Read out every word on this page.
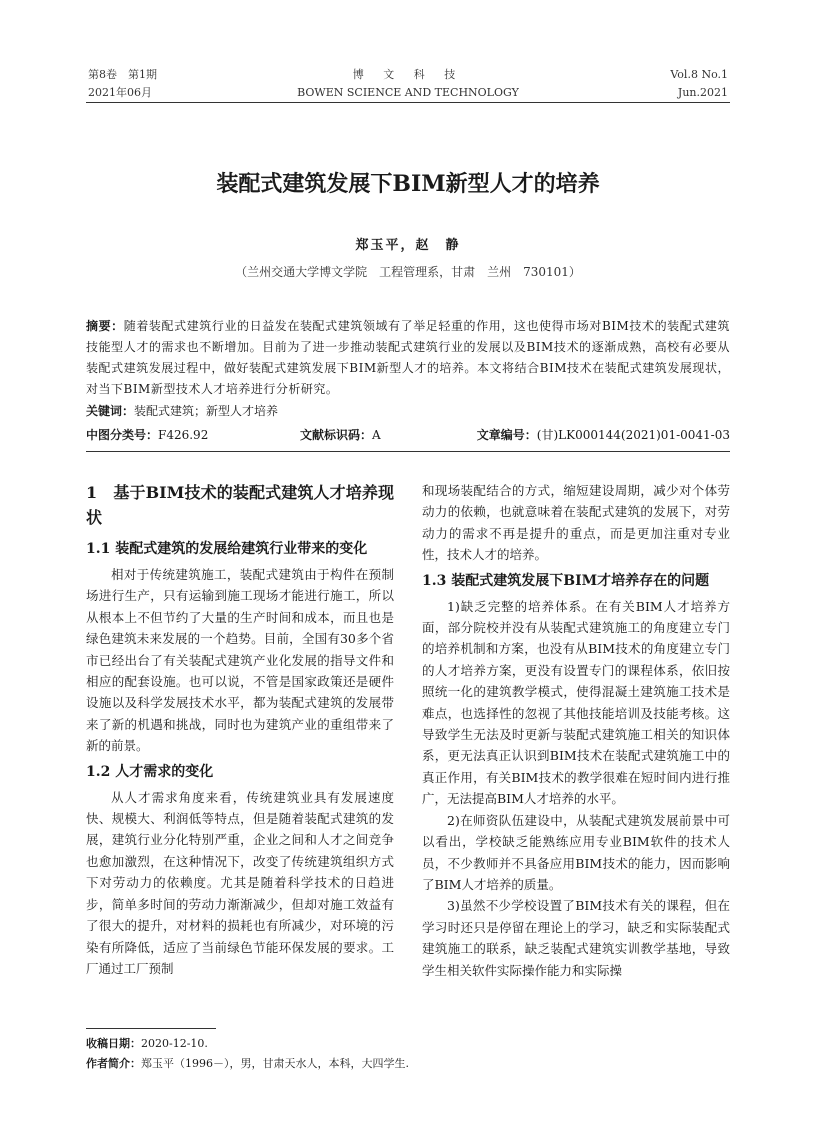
第8卷　第1期
2021年06月
博 文 科 技
BOWEN SCIENCE AND TECHNOLOGY
Vol.8 No.1
Jun.2021
装配式建筑发展下BIM新型人才的培养
郑玉平，赵　静
（兰州交通大学博文学院　工程管理系，甘肃　兰州　730101）
摘要：随着装配式建筑行业的日益发在装配式建筑领域有了举足轻重的作用，这也使得市场对BIM技术的装配式建筑技能型人才的需求也不断增加。目前为了进一步推动装配式建筑行业的发展以及BIM技术的逐渐成熟，高校有必要从装配式建筑发展过程中，做好装配式建筑发展下BIM新型人才的培养。本文将结合BIM技术在装配式建筑发展现状，对当下BIM新型技术人才培养进行分析研究。
关键词：装配式建筑；新型人才培养
中图分类号：F426.92	文献标识码：A	文章编号：(甘)LK000144(2021)01-0041-03
1　基于BIM技术的装配式建筑人才培养现状
1.1 装配式建筑的发展给建筑行业带来的变化

相对于传统建筑施工，装配式建筑由于构件在预制场进行生产，只有运输到施工现场才能进行施工，所以从根本上不但节约了大量的生产时间和成本，而且也是绿色建筑未来发展的一个趋势。目前，全国有30多个省市已经出台了有关装配式建筑产业化发展的指导文件和相应的配套设施。也可以说，不管是国家政策还是硬件设施以及科学发展技术水平，都为装配式建筑的发展带来了新的机遇和挑战，同时也为建筑产业的重组带来了新的前景。

1.2 人才需求的变化

从人才需求角度来看，传统建筑业具有发展速度快、规模大、利润低等特点，但是随着装配式建筑的发展，建筑行业分化特别严重，企业之间和人才之间竞争也愈加激烈，在这种情况下，改变了传统建筑组织方式下对劳动力的依赖度。尤其是随着科学技术的日趋进步，简单多时间的劳动力渐渐减少，但却对施工效益有了很大的提升，对材料的损耗也有所减少，对环境的污染有所降低，适应了当前绿色节能环保发展的要求。工厂通过工厂预制

和现场装配结合的方式，缩短建设周期，减少对个体劳动力的依赖，也就意味着在装配式建筑的发展下，对劳动力的需求不再是提升的重点，而是更加注重对专业性，技术人才的培养。

1.3 装配式建筑发展下BIM才培养存在的问题

1)缺乏完整的培养体系。在有关BIM人才培养方面，部分院校并没有从装配式建筑施工的角度建立专门的培养机制和方案，也没有从BIM技术的角度建立专门的人才培养方案，更没有设置专门的课程体系，依旧按照统一化的建筑教学模式，使得混凝土建筑施工技术是难点，也选择性的忽视了其他技能培训及技能考核。这导致学生无法及时更新与装配式建筑施工相关的知识体系，更无法真正认识到BIM技术在装配式建筑施工中的真正作用，有关BIM技术的教学很难在短时间内进行推广，无法提高BIM人才培养的水平。

2)在师资队伍建设中，从装配式建筑发展前景中可以看出，学校缺乏能熟练应用专业BIM软件的技术人员，不少教师并不具备应用BIM技术的能力，因而影响了BIM人才培养的质量。

3)虽然不少学校设置了BIM技术有关的课程，但在学习时还只是停留在理论上的学习，缺乏和实际装配式建筑施工的联系，缺乏装配式建筑实训教学基地，导致学生相关软件实际操作能力和实际操

收稿日期：2020-12-10.
作者简介：郑玉平（1996－），男，甘肃天水人，本科，大四学生.
